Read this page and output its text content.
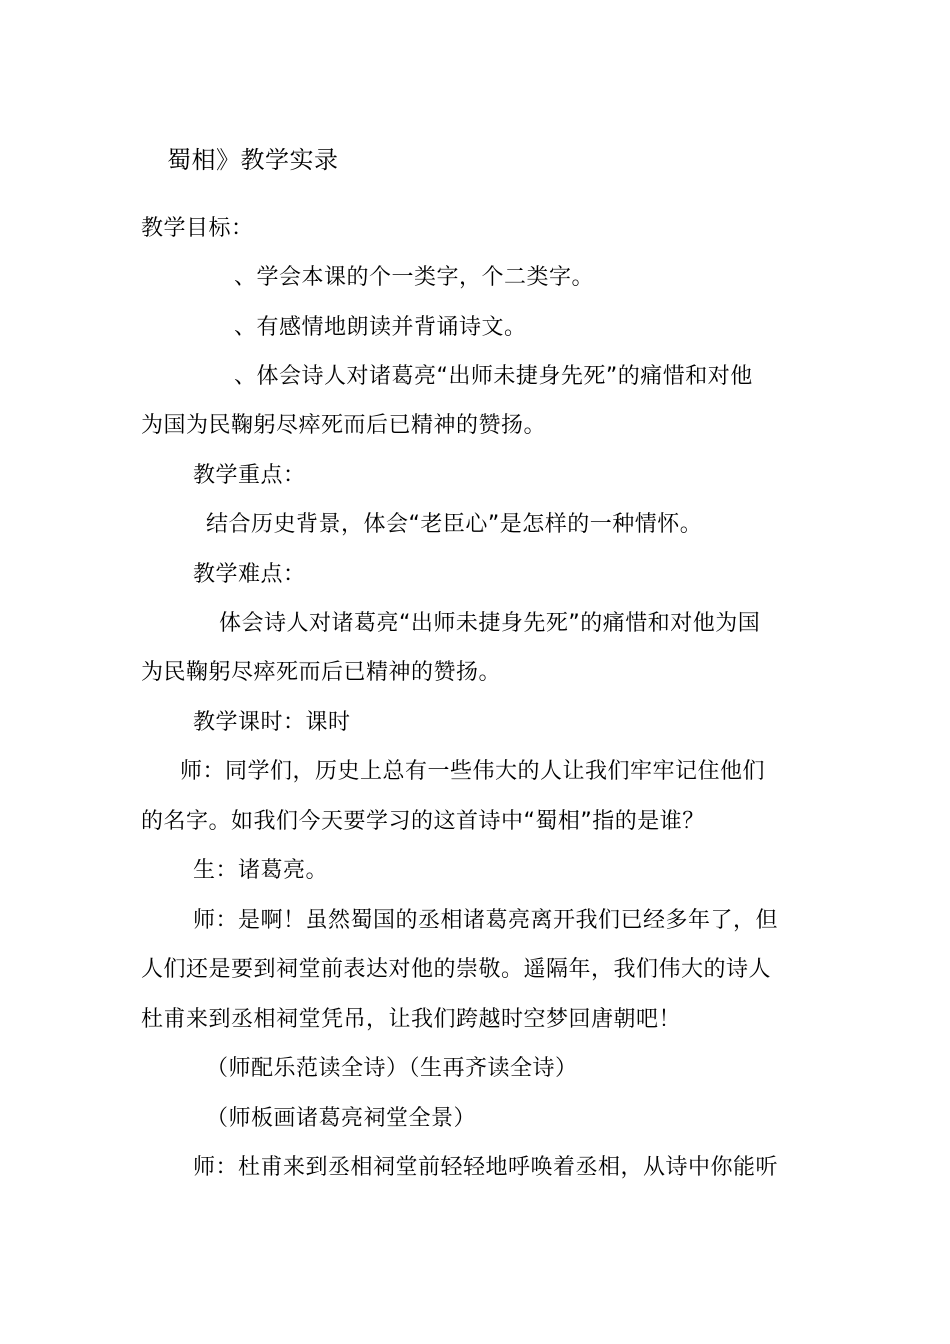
蜀相》教学实录
教学目标：
、学会本课的个一类字，个二类字。
、有感情地朗读并背诵诗文。
、体会诗人对诸葛亮“出师未捷身先死”的痛惜和对他
为国为民鞠躬尽瘁死而后已精神的赞扬。
教学重点：
结合历史背景，体会“老臣心”是怎样的一种情怀。
教学难点：
体会诗人对诸葛亮“出师未捷身先死”的痛惜和对他为国
为民鞠躬尽瘁死而后已精神的赞扬。
教学课时：课时
师：同学们，历史上总有一些伟大的人让我们牢牢记住他们
的名字。如我们今天要学习的这首诗中“蜀相”指的是谁？
生：诸葛亮。
师：是啊！虽然蜀国的丞相诸葛亮离开我们已经多年了，但
人们还是要到祠堂前表达对他的崇敬。遥隔年，我们伟大的诗人
杜甫来到丞相祠堂凭吊，让我们跨越时空梦回唐朝吧！
（师配乐范读全诗）（生再齐读全诗）
（师板画诸葛亮祠堂全景）
师：杜甫来到丞相祠堂前轻轻地呼唤着丞相，从诗中你能听
